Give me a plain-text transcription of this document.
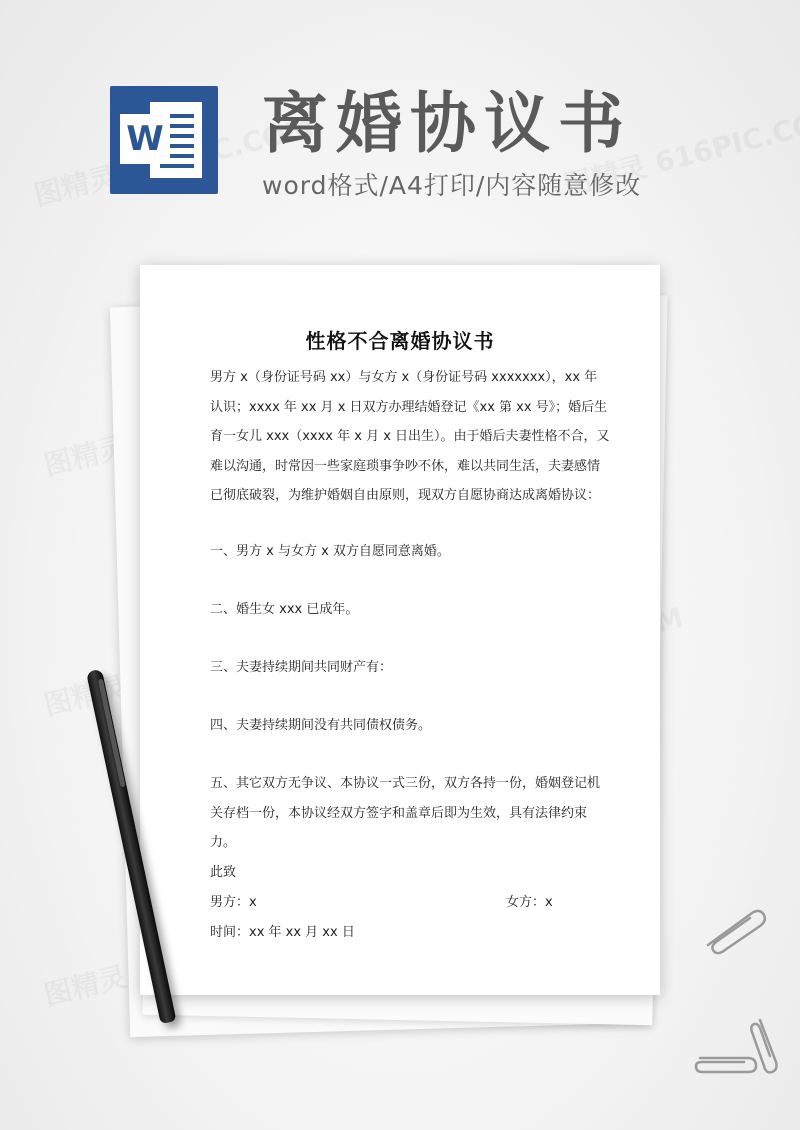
W 离婚协议书
word格式/A4打印/内容随意修改
性格不合离婚协议书
男方 x（身份证号码 xx）与女方 x（身份证号码 xxxxxxx），xx 年认识；xxxx 年 xx 月 x 日双方办理结婚登记《xx 第 xx 号》；婚后生育一女儿 xxx（xxxx 年 x 月 x 日出生）。由于婚后夫妻性格不合，又难以沟通，时常因一些家庭琐事争吵不休，难以共同生活，夫妻感情已彻底破裂，为维护婚姻自由原则，现双方自愿协商达成离婚协议：
一、男方 x 与女方 x 双方自愿同意离婚。
二、婚生女 xxx 已成年。
三、夫妻持续期间共同财产有：
四、夫妻持续期间没有共同债权债务。
五、其它双方无争议、本协议一式三份，双方各持一份，婚姻登记机关存档一份，本协议经双方签字和盖章后即为生效，具有法律约束力。
此致
男方：x	女方：x
时间：xx 年 xx 月 xx 日
